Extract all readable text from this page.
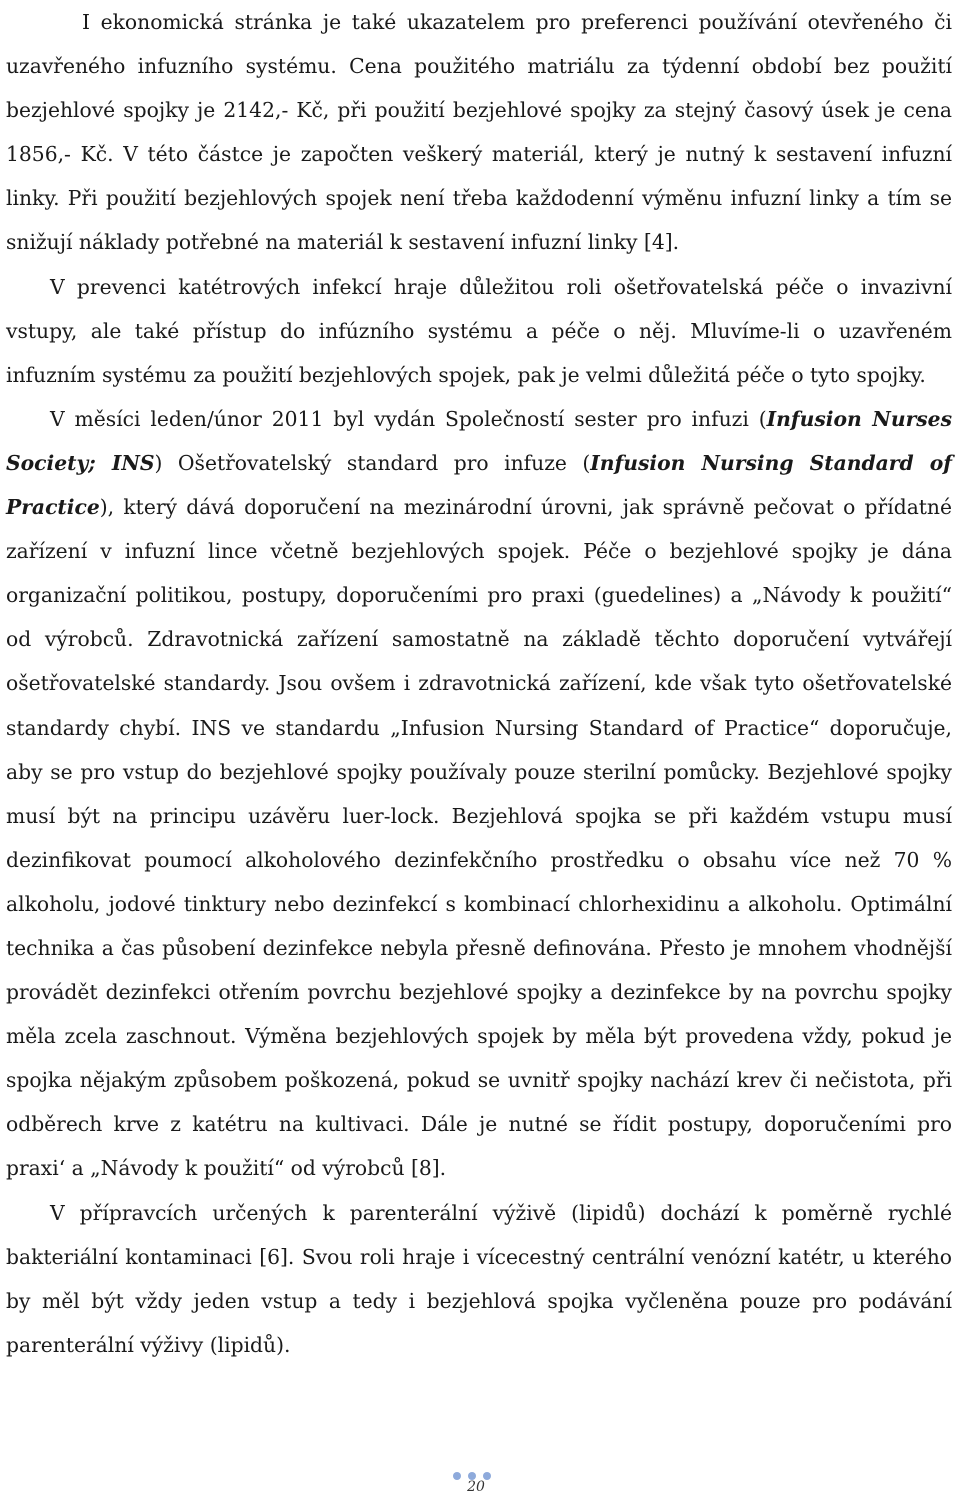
I ekonomická stránka je také ukazatelem pro preferenci používání otevřeného či uzavřeného infuzního systému. Cena použitého matriálu za týdenní období bez použití bezjehlové spojky je 2142,- Kč, při použití bezjehlové spojky za stejný časový úsek je cena 1856,- Kč. V této částce je započten veškerý materiál, který je nutný k sestavení infuzní linky. Při použití bezjehlových spojek není třeba každodenní výměnu infuzní linky a tím se snižují náklady potřebné na materiál k sestavení infuzní linky [4].

V prevenci katétrových infekcí hraje důležitou roli ošetřovatelská péče o invazivní vstupy, ale také přístup do infúzního systému a péče o něj. Mluvíme-li o uzavřeném infuzním systému za použití bezjehlových spojek, pak je velmi důležitá péče o tyto spojky.

V měsíci leden/únor 2011 byl vydán Společností sester pro infuzi (Infusion Nurses Society; INS) Ošetřovatelský standard pro infuze (Infusion Nursing Standard of Practice), který dává doporučení na mezinárodní úrovni, jak správně pečovat o přídatné zařízení v infuzní lince včetně bezjehlových spojek. Péče o bezjehlové spojky je dána organizační politikou, postupy, doporučeními pro praxi (guedelines) a „Návody k použití“ od výrobců. Zdravotnická zařízení samostatně na základě těchto doporučení vytvářejí ošetřovatelské standardy. Jsou ovšem i zdravotnická zařízení, kde však tyto ošetřovatelské standardy chybí. INS ve standardu „Infusion Nursing Standard of Practice“ doporučuje, aby se pro vstup do bezjehlové spojky používaly pouze sterilní pomůcky. Bezjehlové spojky musí být na principu uzávěru luer-lock. Bezjehlová spojka se při každém vstupu musí dezinfikovat poumocí alkoholového dezinfekčního prostředku o obsahu více než 70 % alkoholu, jodové tinktury nebo dezinfekcí s kombinací chlorhexidinu a alkoholu. Optimální technika a čas působení dezinfekce nebyla přesně definována. Přesto je mnohem vhodnější provádět dezinfekci otřením povrchu bezjehlové spojky a dezinfekce by na povrchu spojky měla zcela zaschnout. Výměna bezjehlových spojek by měla být provedena vždy, pokud je spojka nějakým způsobem poškozená, pokud se uvnitř spojky nachází krev či nečistota, při odběrech krve z katétru na kultivaci. Dále je nutné se řídit postupy, doporučeními pro praxi‘ a „Návody k použití“ od výrobců [8].

V přípravcích určených k parenterální výživě (lipidů) dochází k poměrně rychlé bakteriální kontaminaci [6]. Svou roli hraje i vícecestný centrální venózní katétr, u kterého by měl být vždy jeden vstup a tedy i bezjehlová spojka vyčleněna pouze pro podávání parenterální výživy (lipidů).

20
